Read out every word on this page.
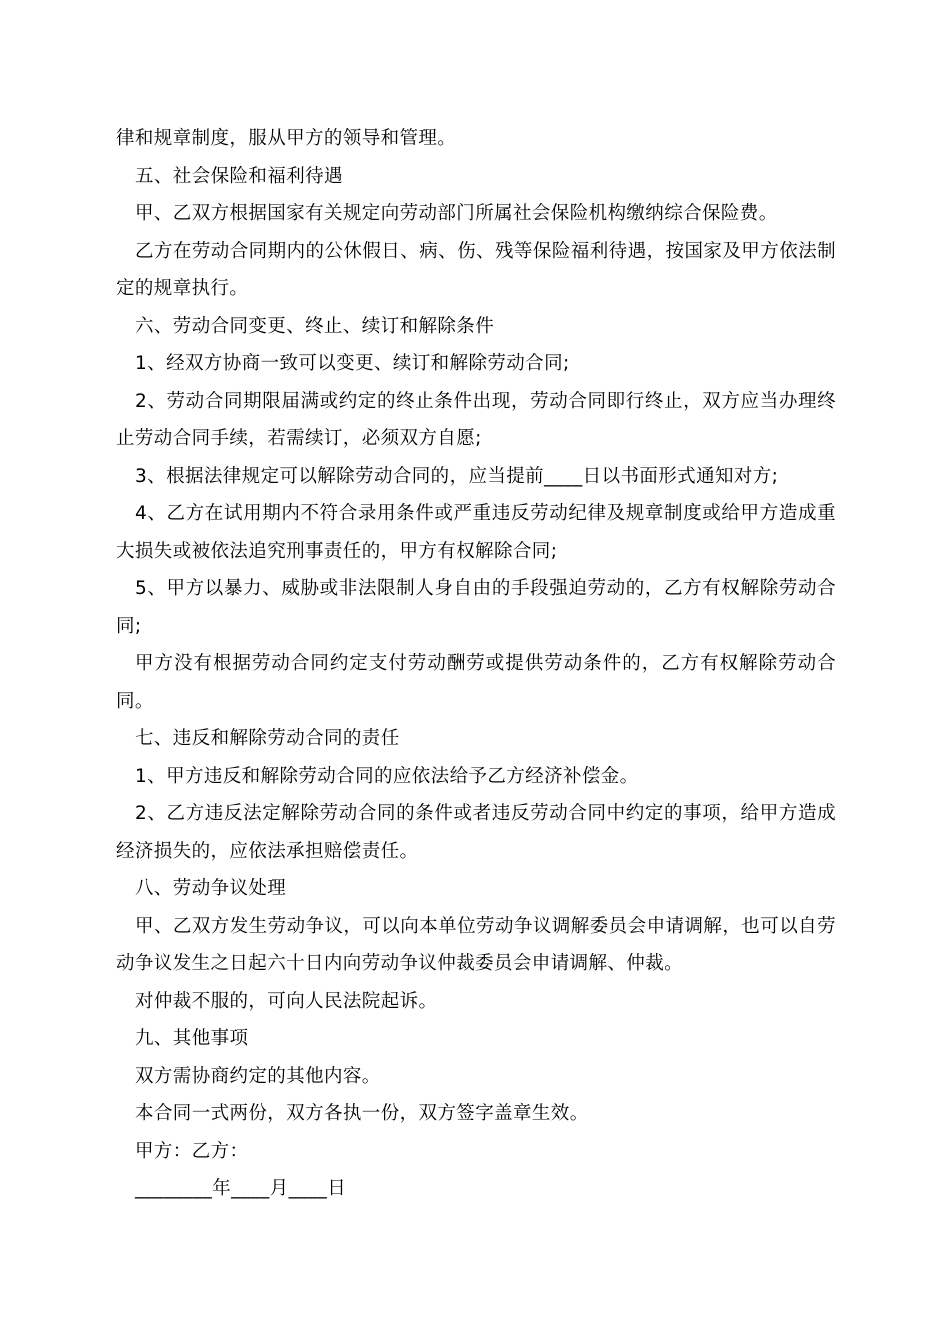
律和规章制度，服从甲方的领导和管理。

五、社会保险和福利待遇

甲、乙双方根据国家有关规定向劳动部门所属社会保险机构缴纳综合保险费。

乙方在劳动合同期内的公休假日、病、伤、残等保险福利待遇，按国家及甲方依法制定的规章执行。

六、劳动合同变更、终止、续订和解除条件

1、经双方协商一致可以变更、续订和解除劳动合同;

2、劳动合同期限届满或约定的终止条件出现，劳动合同即行终止，双方应当办理终止劳动合同手续，若需续订，必须双方自愿;

3、根据法律规定可以解除劳动合同的，应当提前____日以书面形式通知对方;

4、乙方在试用期内不符合录用条件或严重违反劳动纪律及规章制度或给甲方造成重大损失或被依法追究刑事责任的，甲方有权解除合同;

5、甲方以暴力、威胁或非法限制人身自由的手段强迫劳动的，乙方有权解除劳动合同;

甲方没有根据劳动合同约定支付劳动酬劳或提供劳动条件的，乙方有权解除劳动合同。

七、违反和解除劳动合同的责任

1、甲方违反和解除劳动合同的应依法给予乙方经济补偿金。

2、乙方违反法定解除劳动合同的条件或者违反劳动合同中约定的事项，给甲方造成经济损失的，应依法承担赔偿责任。

八、劳动争议处理

甲、乙双方发生劳动争议，可以向本单位劳动争议调解委员会申请调解，也可以自劳动争议发生之日起六十日内向劳动争议仲裁委员会申请调解、仲裁。

对仲裁不服的，可向人民法院起诉。

九、其他事项

双方需协商约定的其他内容。

本合同一式两份，双方各执一份，双方签字盖章生效。

甲方：乙方：

________年____月____日
